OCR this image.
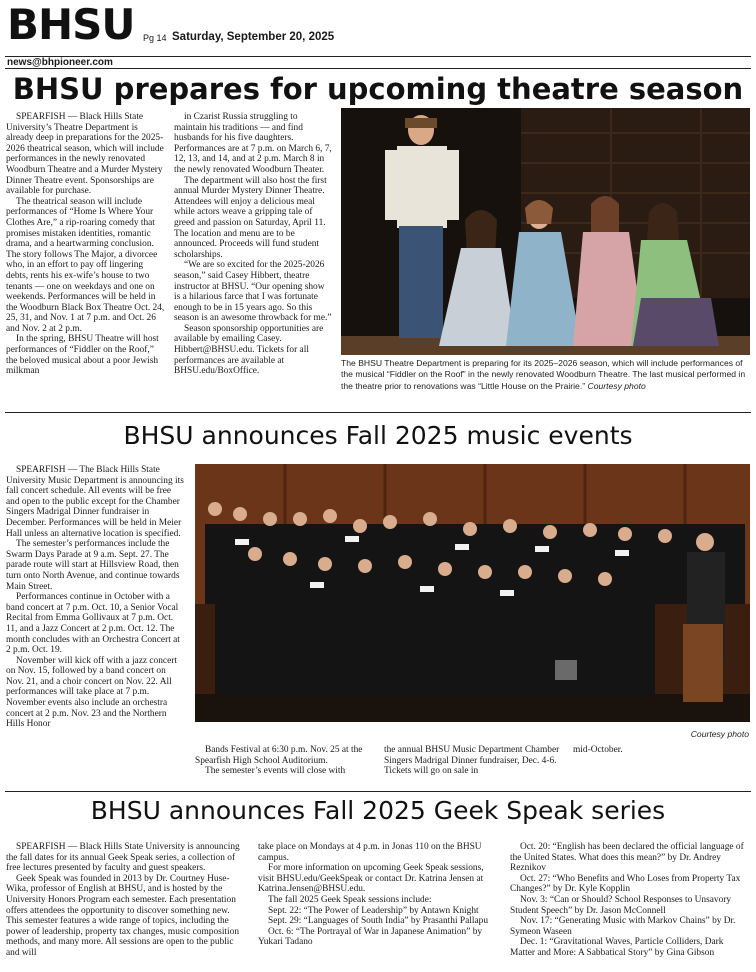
BHSU Pg 14 Saturday, September 20, 2025
news@bhpioneer.com
BHSU prepares for upcoming theatre season

SPEARFISH — Black Hills State University’s Theatre Department is already deep in preparations for the 2025-2026 theatrical season, which will include performances in the newly renovated Woodburn Theatre and a Murder Mystery Dinner Theatre event. Sponsorships are available for purchase.

The theatrical season will include performances of “Home Is Where Your Clothes Are,” a rip-roaring comedy that promises mistaken identities, romantic drama, and a heartwarming conclusion. The story follows The Major, a divorcee who, in an effort to pay off lingering debts, rents his ex-wife’s house to two tenants — one on weekdays and one on weekends. Performances will be held in the Woodburn Black Box Theatre Oct. 24, 25, 31, and Nov. 1 at 7 p.m. and Oct. 26 and Nov. 2 at 2 p.m.

In the spring, BHSU Theatre will host performances of “Fiddler on the Roof,” the beloved musical about a poor Jewish milkman

in Czarist Russia struggling to maintain his traditions — and find husbands for his five daughters. Performances are at 7 p.m. on March 6, 7, 12, 13, and 14, and at 2 p.m. March 8 in the newly renovated Woodburn Theater.

The department will also host the first annual Murder Mystery Dinner Theatre. Attendees will enjoy a delicious meal while actors weave a gripping tale of greed and passion on Saturday, April 11. The location and menu are to be announced. Proceeds will fund student scholarships.

“We are so excited for the 2025-2026 season,” said Casey Hibbert, theatre instructor at BHSU. “Our opening show is a hilarious farce that I was fortunate enough to be in 15 years ago. So this season is an awesome throwback for me.”

Season sponsorship opportunities are available by emailing Casey. Hibbert@BHSU.edu. Tickets for all performances are available at BHSU.edu/BoxOffice.

The BHSU Theatre Department is preparing for its 2025–2026 season, which will include performances of the musical “Fiddler on the Roof” in the newly renovated Woodburn Theatre. The last musical performed in the theatre prior to renovations was “Little House on the Prairie.” Courtesy photo
BHSU announces Fall 2025 music events

SPEARFISH — The Black Hills State University Music Department is announcing its fall concert schedule. All events will be free and open to the public except for the Chamber Singers Madrigal Dinner fundraiser in December. Performances will be held in Meier Hall unless an alternative location is specified.

The semester’s performances include the Swarm Days Parade at 9 a.m. Sept. 27. The parade route will start at Hillsview Road, then turn onto North Avenue, and continue towards Main Street.

Performances continue in October with a band concert at 7 p.m. Oct. 10, a Senior Vocal Recital from Emma Gollivaux at 7 p.m. Oct. 11, and a Jazz Concert at 2 p.m. Oct. 12. The month concludes with an Orchestra Concert at 2 p.m. Oct. 19.

November will kick off with a jazz concert on Nov. 15, followed by a band concert on Nov. 21, and a choir concert on Nov. 22. All performances will take place at 7 p.m. November events also include an orchestra concert at 2 p.m. Nov. 23 and the Northern Hills Honor

Courtesy photo

Bands Festival at 6:30 p.m. Nov. 25 at the Spearfish High School Auditorium.

The semester’s events will close with

the annual BHSU Music Department Chamber Singers Madrigal Dinner fundraiser, Dec. 4-6. Tickets will go on sale in

mid-October.

BHSU announces Fall 2025 Geek Speak series

SPEARFISH — Black Hills State University is announcing the fall dates for its annual Geek Speak series, a collection of free lectures presented by faculty and guest speakers.

Geek Speak was founded in 2013 by Dr. Courtney Huse-Wika, professor of English at BHSU, and is hosted by the University Honors Program each semester. Each presentation offers attendees the opportunity to discover something new. This semester features a wide range of topics, including the power of leadership, property tax changes, music composition methods, and many more. All sessions are open to the public and will

take place on Mondays at 4 p.m. in Jonas 110 on the BHSU campus.

For more information on upcoming Geek Speak sessions, visit BHSU.edu/GeekSpeak or contact Dr. Katrina Jensen at Katrina.Jensen@BHSU.edu.

The fall 2025 Geek Speak sessions include:

Sept. 22: “The Power of Leadership” by Antawn Knight

Sept. 29: “Languages of South India” by Prasanthi Pallapu

Oct. 6: “The Portrayal of War in Japanese Animation” by Yukari Tadano

Oct. 20: “English has been declared the official language of the United States. What does this mean?” by Dr. Andrey Reznikov

Oct. 27: “Who Benefits and Who Loses from Property Tax Changes?” by Dr. Kyle Kopplin

Nov. 3: “Can or Should? School Responses to Unsavory Student Speech” by Dr. Jason McConnell

Nov. 17: “Generating Music with Markov Chains” by Dr. Symeon Waseen

Dec. 1: “Gravitational Waves, Particle Colliders, Dark Matter and More: A Sabbatical Story” by Gina Gibson
